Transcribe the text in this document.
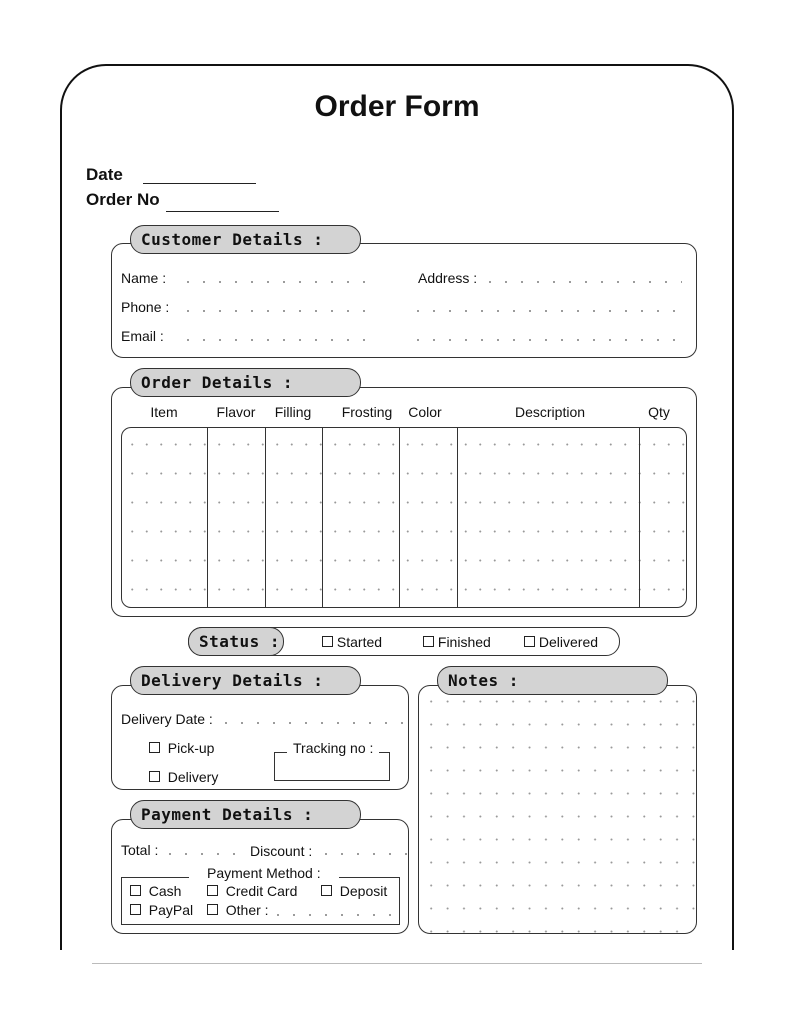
Order Form
Date
Order No
Customer Details :
Name :	Address :
Phone :
Email :
Order Details :
Item	Flavor Filling Frosting Color	Description	Qty
Status :	Started	Finished	Delivered
Delivery Details :
Delivery Date :
Pick-up
Delivery
Tracking no :
Payment Details :
Total :	Discount :
Payment Method :
Cash	Credit Card	Deposit
PayPal	Other :
Notes :
